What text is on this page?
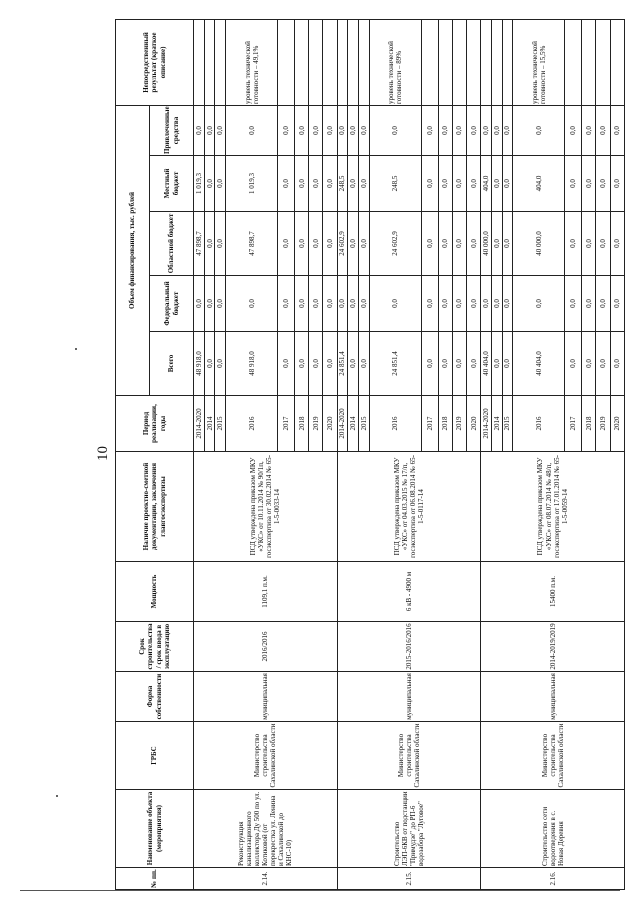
10
№ пп.	Наименование объекта (мероприятия)	ГРБС	Форма собственности	Срок строительства / срок ввода в эксплуатацию	Мощность	Наличие проектно-сметной документации, заключения главгосэкспертизы	Период реализации, годы	Объем финансирования, тыс. рублей					Непосредственный результат (краткое описание)
								Всего	Федеральный бюджет	Областной бюджет	Местный бюджет	Привлеченные средства	
2.14.	Реконструкция канализационного коллектора Ду 500 по ул. Котиковой (от перекрестка ул. Ленина и Сахалинской до КНС-10)	Министерство строительства Сахалинской области	муниципальная	2016/2016	1109,1 п.м.	ПСД утверждена приказом МКУ «УКС» от 10.11.2014 № 90/1п, госэкспертиза от 30.02.2014 № 65-1-5-0033-14	2014-2020	48 918,0	0,0	47 898,7	1 019,3	0,0	
							2014	0,0	0,0	0,0	0,0	0,0	
							2015	0,0	0,0	0,0	0,0	0,0	
							2016	48 918,0	0,0	47 898,7	1 019,3	0,0	уровень технической готовности – 49,1%
							2017	0,0	0,0	0,0	0,0	0,0	
							2018	0,0	0,0	0,0	0,0	0,0	
							2019	0,0	0,0	0,0	0,0	0,0	
							2020	0,0	0,0	0,0	0,0	0,0	
2.15.	Строительство ЛЭП-6КВ от подстанции "Примудзе" до РП-6 водозабора "Луговое"	Министерство строительства Сахалинской области	муниципальная	2015-2016/2016	6 кВ - 4900 м	ПСД утверждена приказом МКУ «УКС» от 04.03.2015 № 17/п, госэкспертиза от 06.08.2014 № 65-1-5-0117-14	2014-2020	24 851,4	0,0	24 602,9	248,5	0,0	
							2014	0,0	0,0	0,0	0,0	0,0	
							2015	0,0	0,0	0,0	0,0	0,0	
							2016	24 851,4	0,0	24 602,9	248,5	0,0	уровень технической готовности – 89%
							2017	0,0	0,0	0,0	0,0	0,0	
							2018	0,0	0,0	0,0	0,0	0,0	
							2019	0,0	0,0	0,0	0,0	0,0	
							2020	0,0	0,0	0,0	0,0	0,0	
2.16.	Строительство сети водоотведения в с. Новая Деревня	Министерство строительства Сахалинской области	муниципальная	2014-2019/2019	15400 п.м.	ПСД утверждена приказом МКУ «УКС» от 08.07.2014 № 48/п, госэкспертиза от 17.01.2014 № 65-1-5-0059-14	2014-2020	40 404,0	0,0	40 000,0	404,0	0,0	
							2014	0,0	0,0	0,0	0,0	0,0	
							2015	0,0	0,0	0,0	0,0	0,0	
							2016	40 404,0	0,0	40 000,0	404,0	0,0	уровень технической готовности – 15,5%
							2017	0,0	0,0	0,0	0,0	0,0	
							2018	0,0	0,0	0,0	0,0	0,0	
							2019	0,0	0,0	0,0	0,0	0,0	
							2020	0,0	0,0	0,0	0,0	0,0	
